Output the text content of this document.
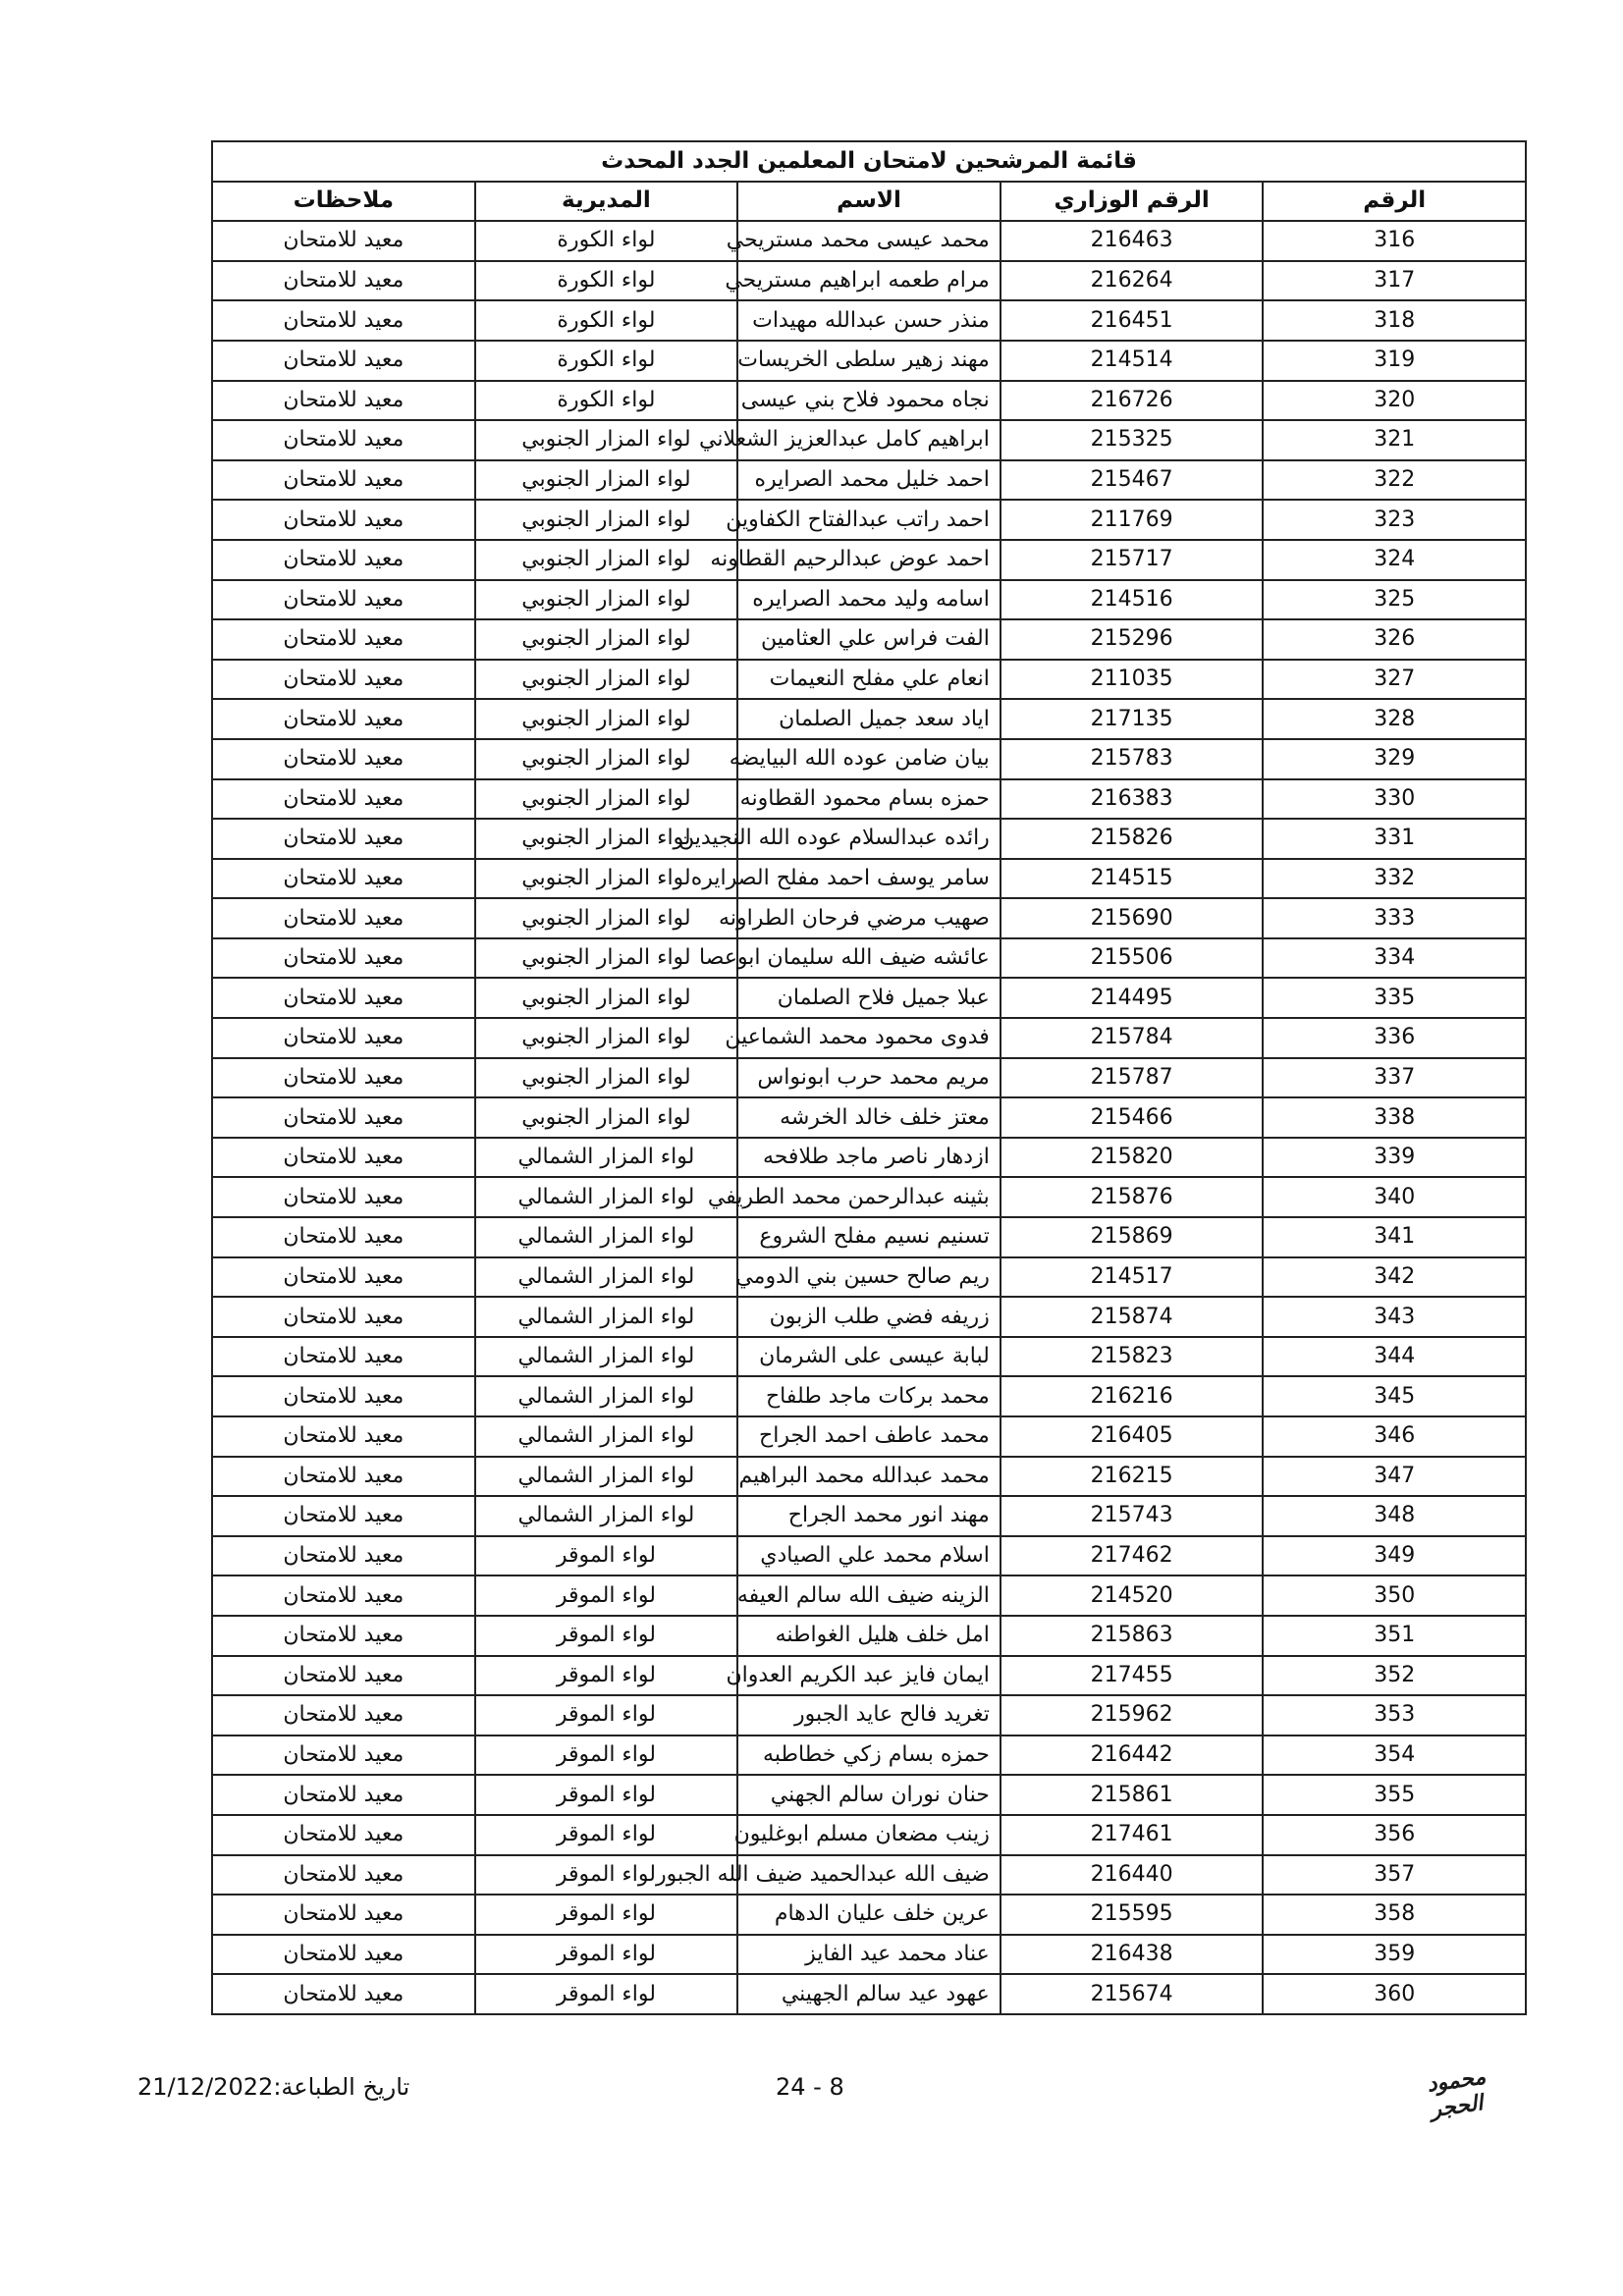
قائمة المرشحين لامتحان المعلمين الجدد المحدث				
الرقم	الرقم الوزاري	الاسم	المديرية	ملاحظات
316	216463	محمد عيسى محمد مستريحي	لواء الكورة	معيد للامتحان
317	216264	مرام طعمه ابراهيم مستريحي	لواء الكورة	معيد للامتحان
318	216451	منذر حسن عبدالله مهيدات	لواء الكورة	معيد للامتحان
319	214514	مهند زهير سلطى الخريسات	لواء الكورة	معيد للامتحان
320	216726	نجاه محمود فلاح بني عيسى	لواء الكورة	معيد للامتحان
321	215325	ابراهيم كامل عبدالعزيز الشعلاني	لواء المزار الجنوبي	معيد للامتحان
322	215467	احمد خليل محمد الصرايره	لواء المزار الجنوبي	معيد للامتحان
323	211769	احمد راتب عبدالفتاح الكفاوين	لواء المزار الجنوبي	معيد للامتحان
324	215717	احمد عوض عبدالرحيم القطاونه	لواء المزار الجنوبي	معيد للامتحان
325	214516	اسامه وليد محمد الصرايره	لواء المزار الجنوبي	معيد للامتحان
326	215296	الفت فراس علي العثامين	لواء المزار الجنوبي	معيد للامتحان
327	211035	انعام علي مفلح النعيمات	لواء المزار الجنوبي	معيد للامتحان
328	217135	اياد سعد جميل الصلمان	لواء المزار الجنوبي	معيد للامتحان
329	215783	بيان ضامن عوده الله البيايضه	لواء المزار الجنوبي	معيد للامتحان
330	216383	حمزه بسام محمود القطاونه	لواء المزار الجنوبي	معيد للامتحان
331	215826	رائده عبدالسلام عوده الله النجيدين	لواء المزار الجنوبي	معيد للامتحان
332	214515	سامر يوسف احمد مفلح الصرايره	لواء المزار الجنوبي	معيد للامتحان
333	215690	صهيب مرضي فرحان الطراونه	لواء المزار الجنوبي	معيد للامتحان
334	215506	عائشه ضيف الله سليمان ابوعصا	لواء المزار الجنوبي	معيد للامتحان
335	214495	عبلا جميل فلاح الصلمان	لواء المزار الجنوبي	معيد للامتحان
336	215784	فدوى محمود محمد الشماعين	لواء المزار الجنوبي	معيد للامتحان
337	215787	مريم محمد حرب ابونواس	لواء المزار الجنوبي	معيد للامتحان
338	215466	معتز خلف خالد الخرشه	لواء المزار الجنوبي	معيد للامتحان
339	215820	ازدهار ناصر ماجد طلافحه	لواء المزار الشمالي	معيد للامتحان
340	215876	بثينه عبدالرحمن محمد الطريفي	لواء المزار الشمالي	معيد للامتحان
341	215869	تسنيم نسيم مفلح الشروع	لواء المزار الشمالي	معيد للامتحان
342	214517	ريم صالح حسين بني الدومي	لواء المزار الشمالي	معيد للامتحان
343	215874	زريفه فضي طلب الزبون	لواء المزار الشمالي	معيد للامتحان
344	215823	لبابة عيسى على الشرمان	لواء المزار الشمالي	معيد للامتحان
345	216216	محمد بركات ماجد طلفاح	لواء المزار الشمالي	معيد للامتحان
346	216405	محمد عاطف احمد الجراح	لواء المزار الشمالي	معيد للامتحان
347	216215	محمد عبدالله محمد البراهيم	لواء المزار الشمالي	معيد للامتحان
348	215743	مهند انور محمد الجراح	لواء المزار الشمالي	معيد للامتحان
349	217462	اسلام محمد علي الصيادي	لواء الموقر	معيد للامتحان
350	214520	الزينه ضيف الله سالم العيفه	لواء الموقر	معيد للامتحان
351	215863	امل خلف هليل الغواطنه	لواء الموقر	معيد للامتحان
352	217455	ايمان فايز عبد الكريم العدوان	لواء الموقر	معيد للامتحان
353	215962	تغريد فالح عايد الجبور	لواء الموقر	معيد للامتحان
354	216442	حمزه بسام زكي خطاطبه	لواء الموقر	معيد للامتحان
355	215861	حنان نوران سالم الجهني	لواء الموقر	معيد للامتحان
356	217461	زينب مضعان مسلم ابوغليون	لواء الموقر	معيد للامتحان
357	216440	ضيف الله عبدالحميد ضيف الله الجبور	لواء الموقر	معيد للامتحان
358	215595	عرين خلف عليان الدهام	لواء الموقر	معيد للامتحان
359	216438	عناد محمد عيد الفايز	لواء الموقر	معيد للامتحان
360	215674	عهود عيد سالم الجهيني	لواء الموقر	معيد للامتحان
تاريخ الطباعة:21/12/2022	24 - 8	محمود الحجر
